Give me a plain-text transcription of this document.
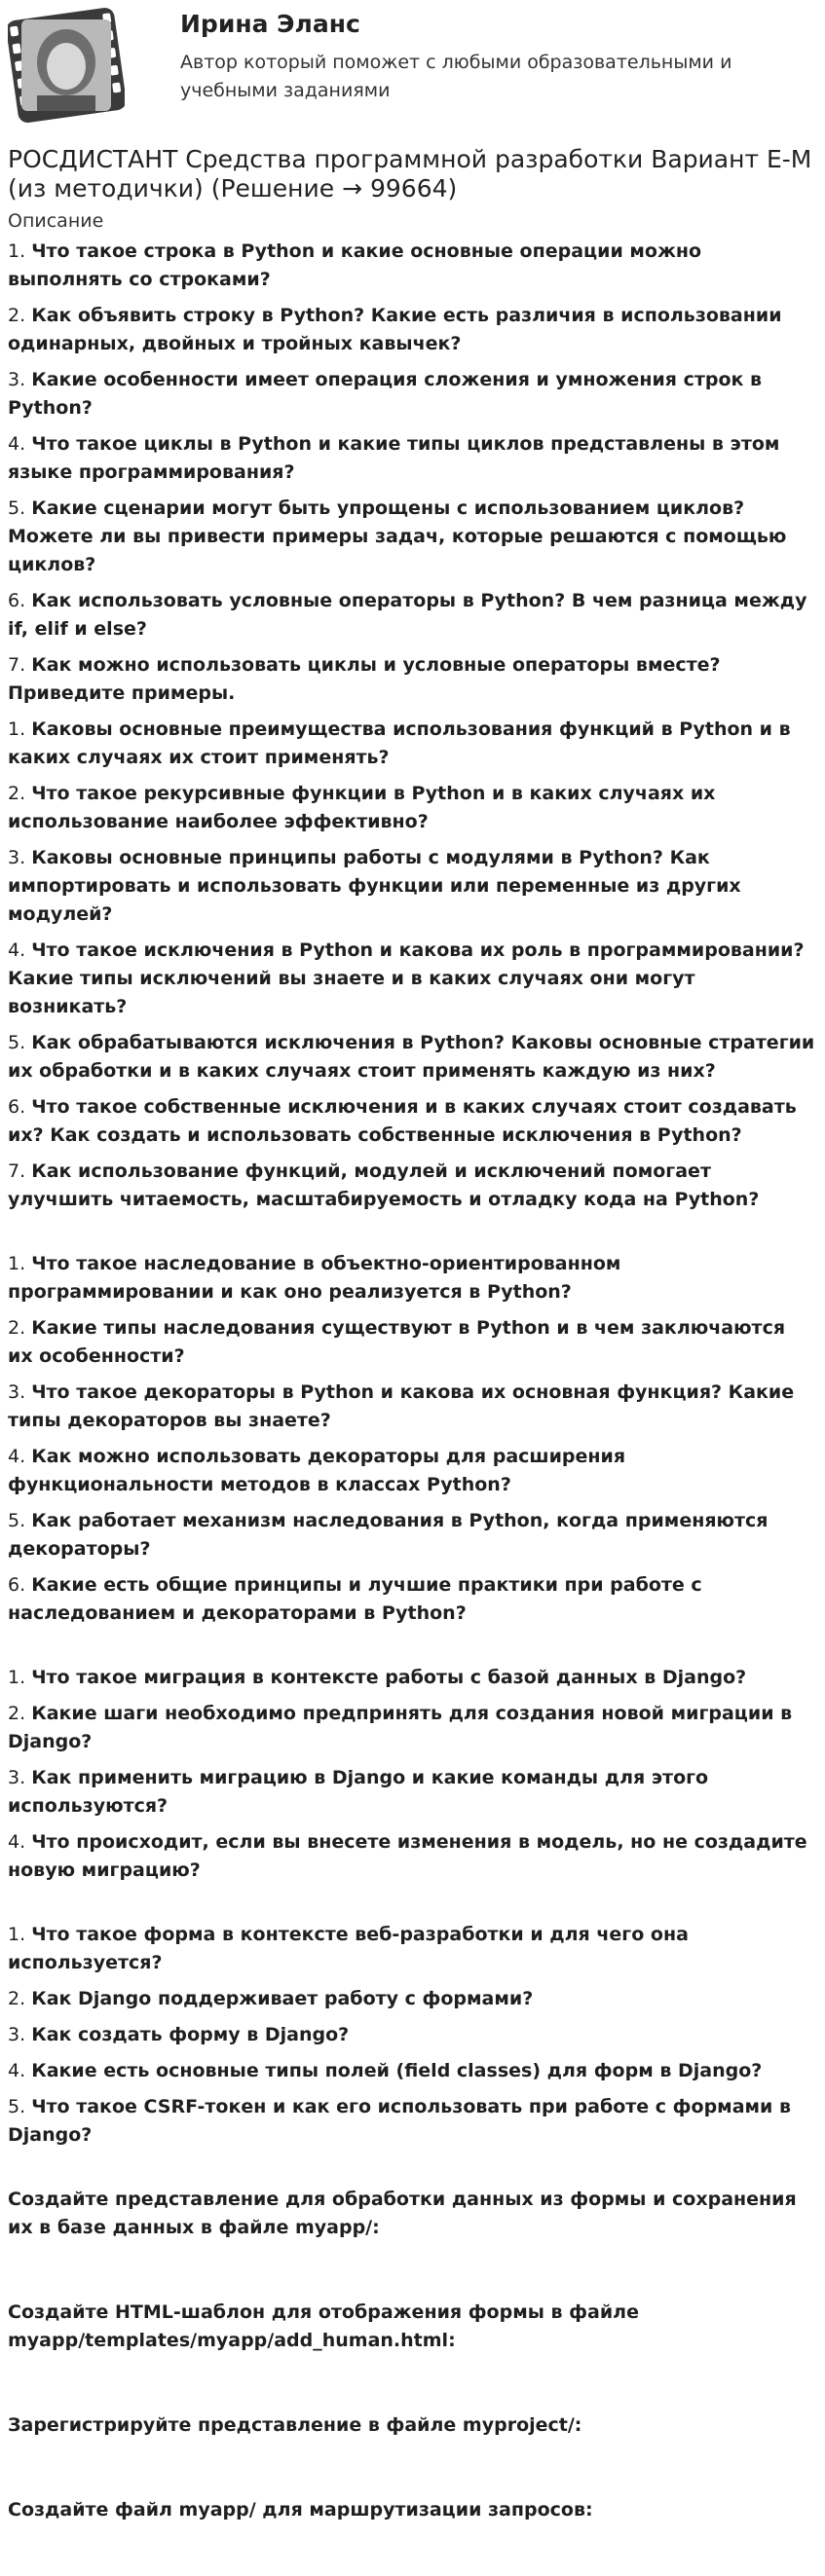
Ирина Эланс
Автор который поможет с любыми образовательными и учебными заданиями
РОСДИСТАНТ Средства программной разработки Вариант Е-М (из методички) (Решение → 99664)
Описание

1. Что такое строка в Python и какие основные операции можно выполнять со строками?

2. Как объявить строку в Python? Какие есть различия в использовании одинарных, двойных и тройных кавычек?

3. Какие особенности имеет операция сложения и умножения строк в Python?

4. Что такое циклы в Python и какие типы циклов представлены в этом языке программирования?

5. Какие сценарии могут быть упрощены с использованием циклов? Можете ли вы привести примеры задач, которые решаются с помощью циклов?

6. Как использовать условные операторы в Python? В чем разница между if, elif и else?

7. Как можно использовать циклы и условные операторы вместе? Приведите примеры.

1. Каковы основные преимущества использования функций в Python и в каких случаях их стоит применять?

2. Что такое рекурсивные функции в Python и в каких случаях их использование наиболее эффективно?

3. Каковы основные принципы работы с модулями в Python? Как импортировать и использовать функции или переменные из других модулей?

4. Что такое исключения в Python и какова их роль в программировании? Какие типы исключений вы знаете и в каких случаях они могут возникать?

5. Как обрабатываются исключения в Python? Каковы основные стратегии их обработки и в каких случаях стоит применять каждую из них?

6. Что такое собственные исключения и в каких случаях стоит создавать их? Как создать и использовать собственные исключения в Python?

7. Как использование функций, модулей и исключений помогает улучшить читаемость, масштабируемость и отладку кода на Python?

1. Что такое наследование в объектно-ориентированном программировании и как оно реализуется в Python?

2. Какие типы наследования существуют в Python и в чем заключаются их особенности?

3. Что такое декораторы в Python и какова их основная функция? Какие типы декораторов вы знаете?

4. Как можно использовать декораторы для расширения функциональности методов в классах Python?

5. Как работает механизм наследования в Python, когда применяются декораторы?

6. Какие есть общие принципы и лучшие практики при работе с наследованием и декораторами в Python?

1. Что такое миграция в контексте работы с базой данных в Django?

2. Какие шаги необходимо предпринять для создания новой миграции в Django?

3. Как применить миграцию в Django и какие команды для этого используются?

4. Что происходит, если вы внесете изменения в модель, но не создадите новую миграцию?

1. Что такое форма в контексте веб-разработки и для чего она используется?

2. Как Django поддерживает работу с формами?

3. Как создать форму в Django?

4. Какие есть основные типы полей (field classes) для форм в Django?

5. Что такое CSRF-токен и как его использовать при работе с формами в Django?

Создайте представление для обработки данных из формы и сохранения их в базе данных в файле myapp/:

Создайте HTML-шаблон для отображения формы в файле myapp/templates/myapp/add_human.html:

Зарегистрируйте представление в файле myproject/:

Создайте файл myapp/ для маршрутизации запросов:
